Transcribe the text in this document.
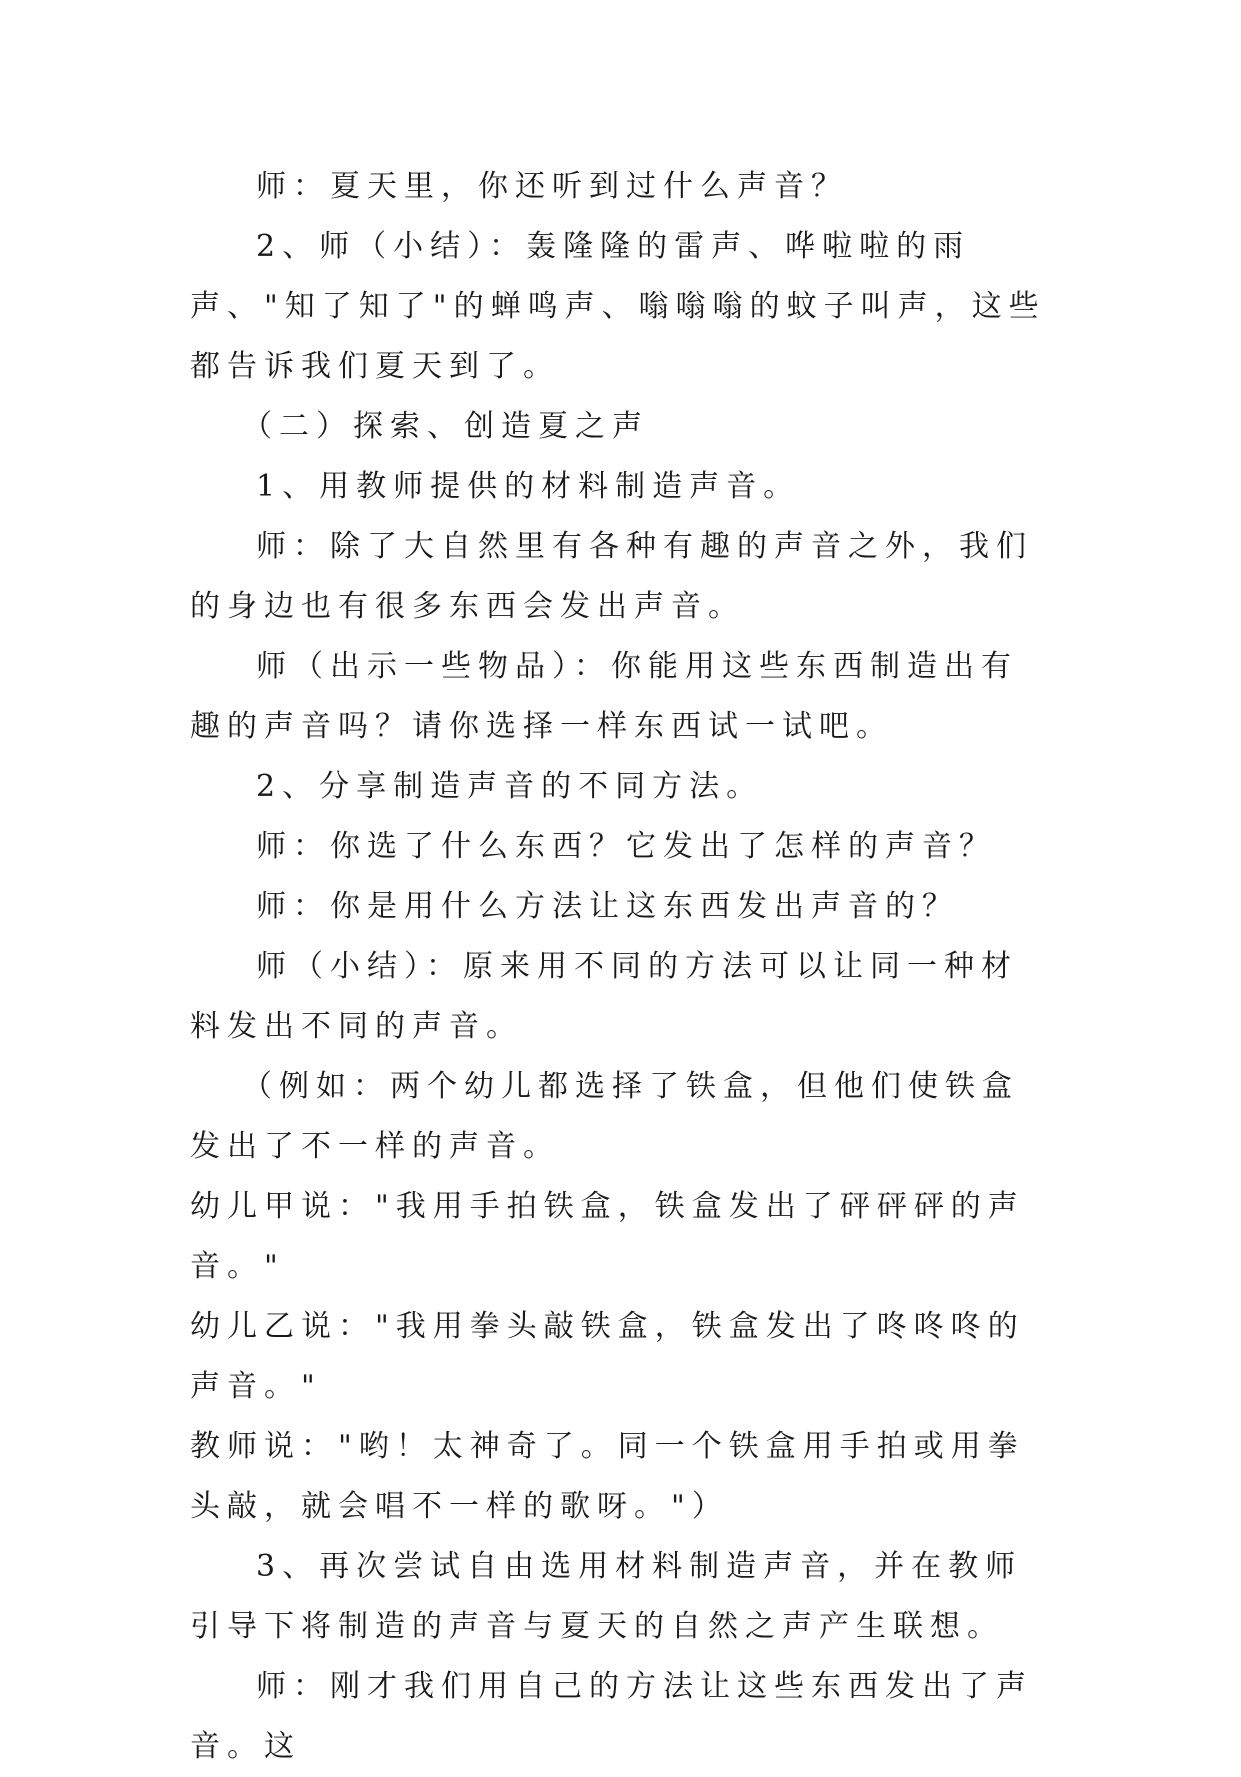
师：夏天里，你还听到过什么声音？

2、师（小结）：轰隆隆的雷声、哗啦啦的雨声、"知了知了"的蝉鸣声、嗡嗡嗡的蚊子叫声，这些都告诉我们夏天到了。

（二）探索、创造夏之声

1、用教师提供的材料制造声音。

师：除了大自然里有各种有趣的声音之外，我们的身边也有很多东西会发出声音。

师（出示一些物品）：你能用这些东西制造出有趣的声音吗？请你选择一样东西试一试吧。

2、分享制造声音的不同方法。

师：你选了什么东西？它发出了怎样的声音？

师：你是用什么方法让这东西发出声音的？

师（小结）：原来用不同的方法可以让同一种材料发出不同的声音。

（例如：两个幼儿都选择了铁盒，但他们使铁盒发出了不一样的声音。

幼儿甲说："我用手拍铁盒，铁盒发出了砰砰砰的声音。"

幼儿乙说："我用拳头敲铁盒，铁盒发出了咚咚咚的声音。"

教师说："哟！太神奇了。同一个铁盒用手拍或用拳头敲，就会唱不一样的歌呀。"）

3、再次尝试自由选用材料制造声音，并在教师引导下将制造的声音与夏天的自然之声产生联想。

师：刚才我们用自己的方法让这些东西发出了声音。这
